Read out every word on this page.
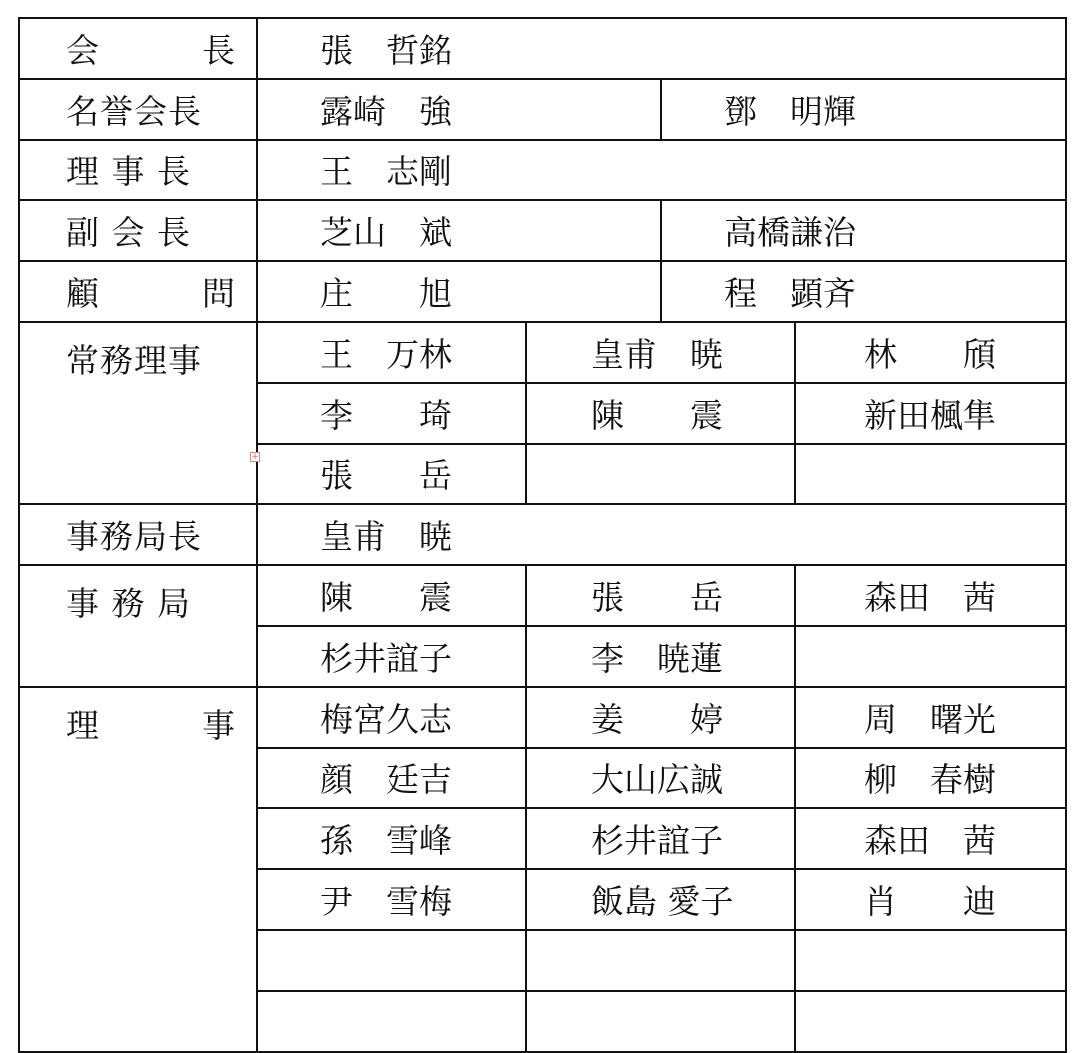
会　　　長	張　哲銘			
名誉会長	露崎　強		鄧　明輝	
理 事 長	王　志剛			
副 会 長	芝山　斌		高橋謙治	
顧　　　問	庄　　旭		程　顕斉	
常務理事	王　万林	皇甫　暁		林　　頎
	李　　琦	陳　　震		新田楓隼
	張　　岳			
事務局長	皇甫　暁			
事 務 局	陳　　震	張　　岳		森田　茜
	杉井誼子	李　暁蓮		
理　　　事	梅宮久志	姜　　婷		周　曙光
	顔　廷吉	大山広誠		柳　春樹
	孫　雪峰	杉井誼子		森田　茜
	尹　雪梅	飯島 愛子		肖　　迪

+
